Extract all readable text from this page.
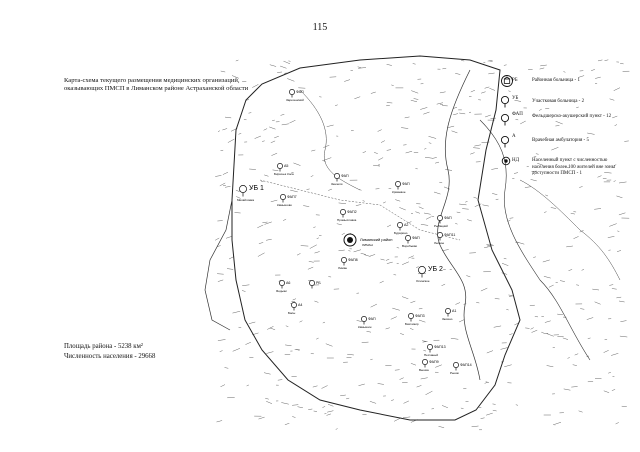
115
Карта-схема текущего размещения медицинских организаций, оказывающих ПМСП в Лиманском районе Астраханской области	ФАП
Зареченский
А5
Бирючья Коса
УБ 1
Михайловка
ФАП7
Камышово
ФАП
Зензели	ФАП
Кряжевое
ФАП2
Промысловка
А2
Бударино
ФАП
Воробьёво
ФАП
Рыбацкий
ФАП11
Лесное
ФАП8
Лиман	УБ 2
Олинское
А6
Яндыки
А4
Басы
ФАП3
Бахтемир
А1
Зюзино
ФАП
Камышин
ФАП13
Песчаный
ФАП9
Вышка
ФАП14
Рынок
РБ
Лиманский район
ЛИМАН
РБ	Районная больница - 1
УБ
Участковая больница - 2
ФАП Фельдшерско-акушерский пункт - 12
А
Врачебная амбулатория - 5
НД	Населенный пункт с численностью населения более 100 жителей вне зоны доступности ПМСП - 1
Площадь района - 5238 км²
Численность населения - 29668
